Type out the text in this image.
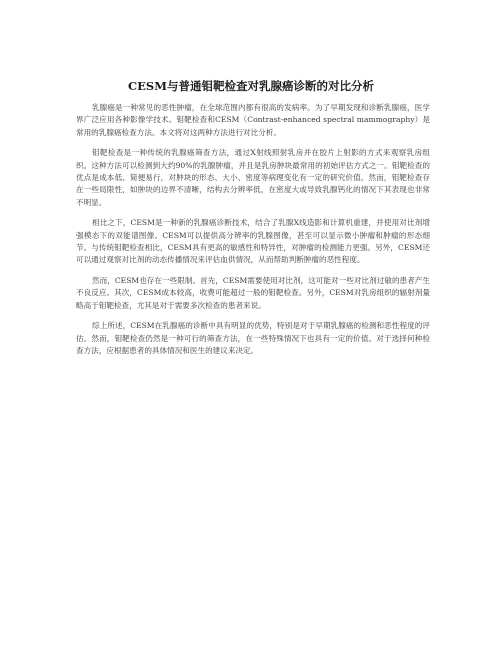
CESM与普通钼靶检查对乳腺癌诊断的对比分析

乳腺癌是一种常见的恶性肿瘤，在全球范围内都有很高的发病率。为了早期发现和诊断乳腺癌，医学界广泛应用各种影像学技术。钼靶检查和CESM（Contrast-enhanced spectral mammography）是常用的乳腺癌检查方法。本文将对这两种方法进行对比分析。

钼靶检查是一种传统的乳腺癌筛查方法，通过X射线照射乳房并在胶片上射影的方式来观察乳房组织。这种方法可以检测到大约90%的乳腺肿瘤，并且是乳房肿块最常用的初始评估方式之一。钼靶检查的优点是成本低、简便易行，对肿块的形态、大小、密度等病理变化有一定的研究价值。然而，钼靶检查存在一些局限性，如肿块的边界不清晰，结构去分辨率低，在密度大或导致乳腺钙化的情况下其表现也非常不明显。

相比之下，CESM是一种新的乳腺癌诊断技术，结合了乳腺X线造影和计算机重建，并使用对比剂增强模态下的双能谱图像。CESM可以提供高分辨率的乳腺图像，甚至可以显示微小肿瘤和肿瘤的形态细节。与传统钼靶检查相比，CESM具有更高的敏感性和特异性，对肿瘤的检测能力更强。另外，CESM还可以通过观察对比剂的动态传播情况来评估血供情况，从而帮助判断肿瘤的恶性程度。

然而，CESM也存在一些限制。首先，CESM需要使用对比剂，这可能对一些对比剂过敏的患者产生不良反应。其次，CESM成本较高，收费可能超过一般的钼靶检查。另外，CESM对乳房组织的辐射剂量略高于钼靶检查，尤其是对于需要多次检查的患者来说。

综上所述，CESM在乳腺癌的诊断中具有明显的优势，特别是对于早期乳腺癌的检测和恶性程度的评估。然而，钼靶检查仍然是一种可行的筛查方法，在一些特殊情况下也具有一定的价值。对于选择何种检查方法，应根据患者的具体情况和医生的建议来决定。
